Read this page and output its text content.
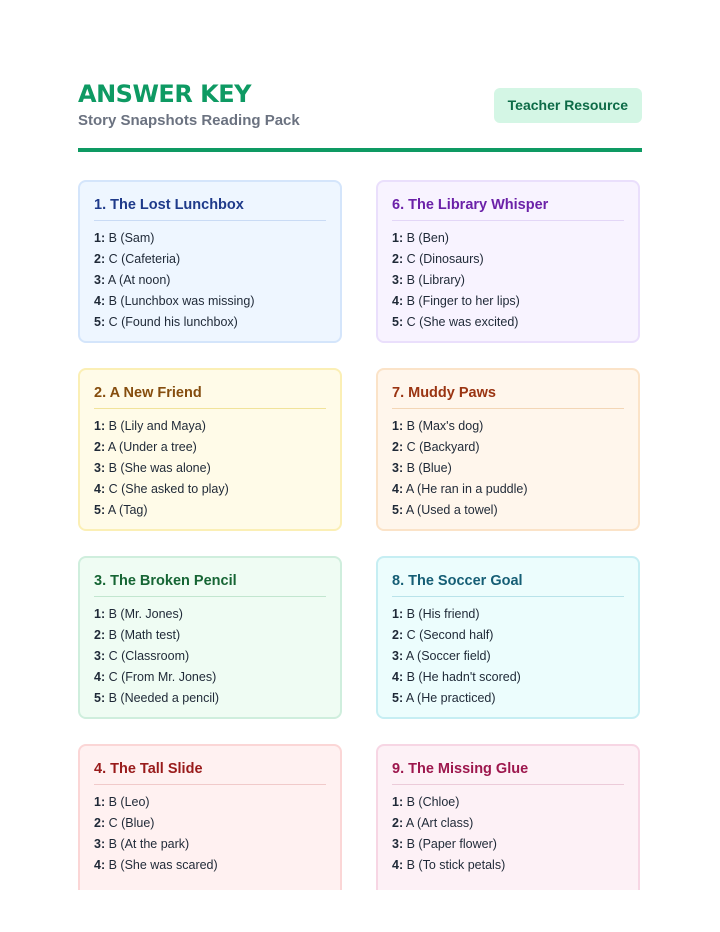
ANSWER KEY
Story Snapshots Reading Pack
Teacher Resource
1. The Lost Lunchbox
1: B (Sam)
2: C (Cafeteria)
3: A (At noon)
4: B (Lunchbox was missing)
5: C (Found his lunchbox)
6. The Library Whisper
1: B (Ben)
2: C (Dinosaurs)
3: B (Library)
4: B (Finger to her lips)
5: C (She was excited)
2. A New Friend
1: B (Lily and Maya)
2: A (Under a tree)
3: B (She was alone)
4: C (She asked to play)
5: A (Tag)
7. Muddy Paws
1: B (Max's dog)
2: C (Backyard)
3: B (Blue)
4: A (He ran in a puddle)
5: A (Used a towel)
3. The Broken Pencil
1: B (Mr. Jones)
2: B (Math test)
3: C (Classroom)
4: C (From Mr. Jones)
5: B (Needed a pencil)
8. The Soccer Goal
1: B (His friend)
2: C (Second half)
3: A (Soccer field)
4: B (He hadn't scored)
5: A (He practiced)
4. The Tall Slide
1: B (Leo)
2: C (Blue)
3: B (At the park)
4: B (She was scared)
9. The Missing Glue
1: B (Chloe)
2: A (Art class)
3: B (Paper flower)
4: B (To stick petals)
